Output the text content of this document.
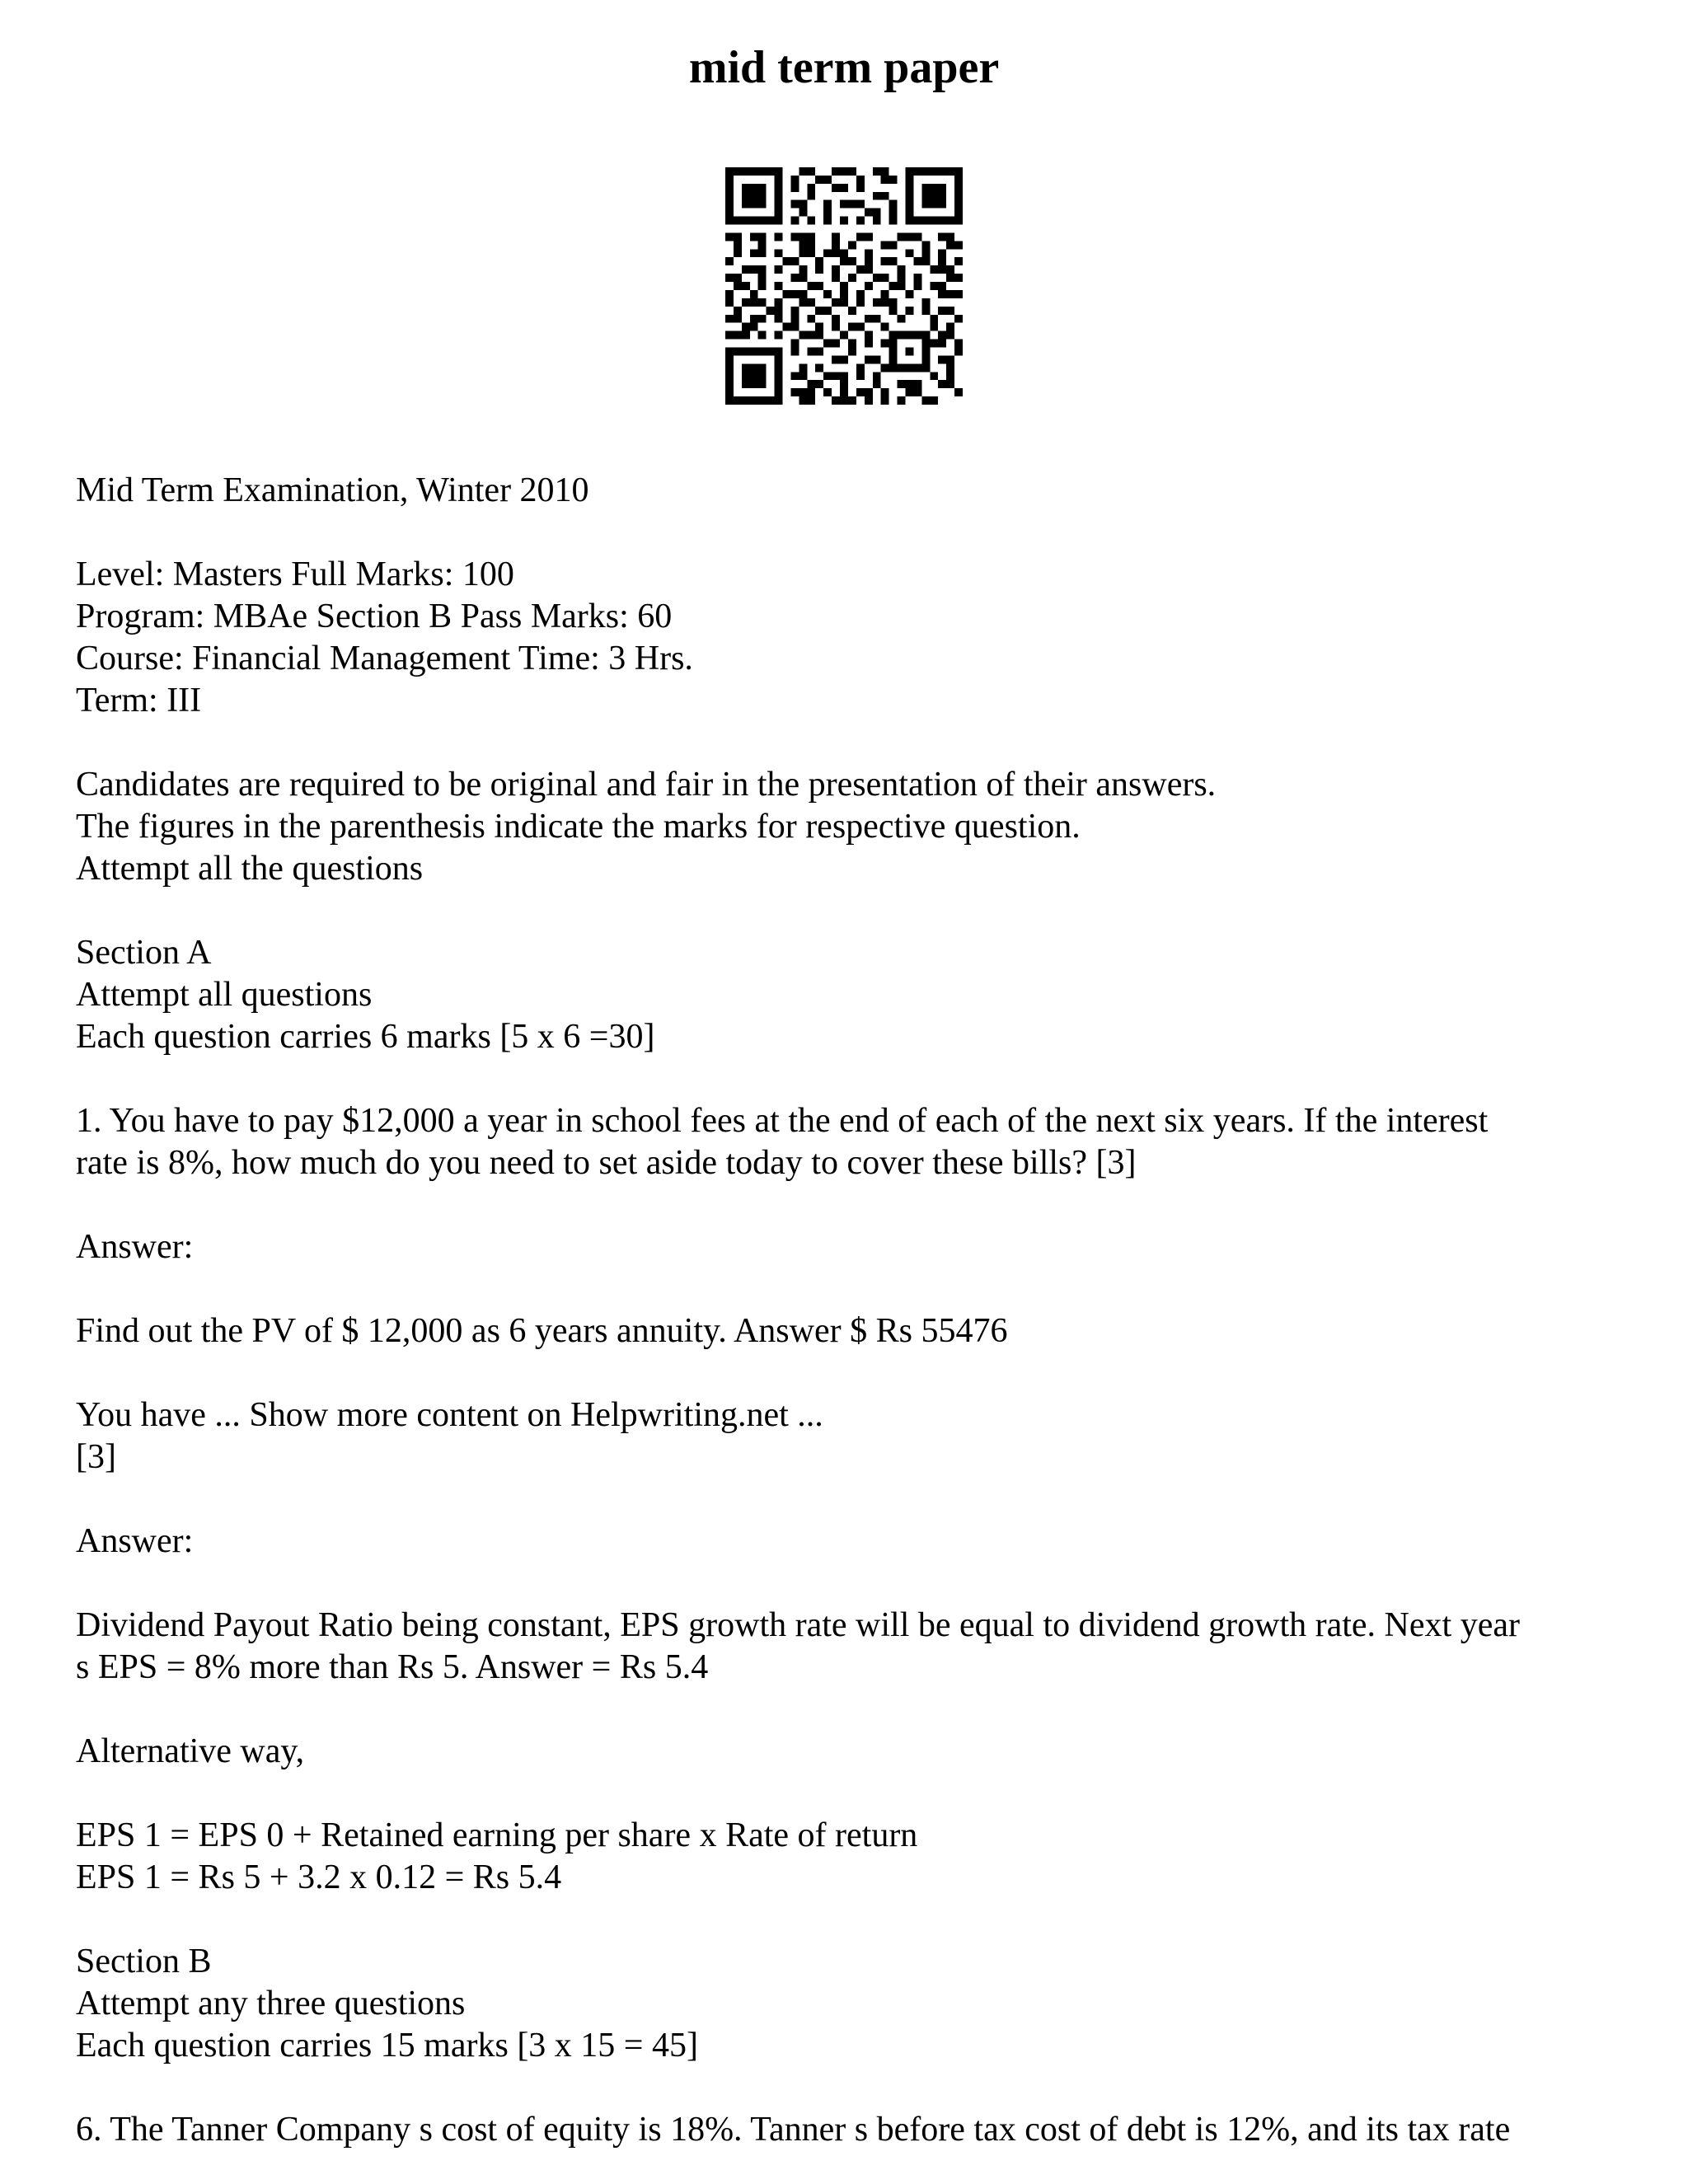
mid term paper

Mid Term Examination, Winter 2010

Level: Masters Full Marks: 100
Program: MBAe Section B Pass Marks: 60
Course: Financial Management Time: 3 Hrs.
Term: III

Candidates are required to be original and fair in the presentation of their answers.
The figures in the parenthesis indicate the marks for respective question.
Attempt all the questions

Section A
Attempt all questions
Each question carries 6 marks [5 x 6 =30]

1. You have to pay $12,000 a year in school fees at the end of each of the next six years. If the interest
rate is 8%, how much do you need to set aside today to cover these bills? [3]

Answer:

Find out the PV of $ 12,000 as 6 years annuity. Answer $ Rs 55476

You have ... Show more content on Helpwriting.net ...
[3]

Answer:

Dividend Payout Ratio being constant, EPS growth rate will be equal to dividend growth rate. Next year
s EPS = 8% more than Rs 5. Answer = Rs 5.4

Alternative way,

EPS 1 = EPS 0 + Retained earning per share x Rate of return
EPS 1 = Rs 5 + 3.2 x 0.12 = Rs 5.4

Section B
Attempt any three questions
Each question carries 15 marks [3 x 15 = 45]

6. The Tanner Company s cost of equity is 18%. Tanner s before tax cost of debt is 12%, and its tax rate
